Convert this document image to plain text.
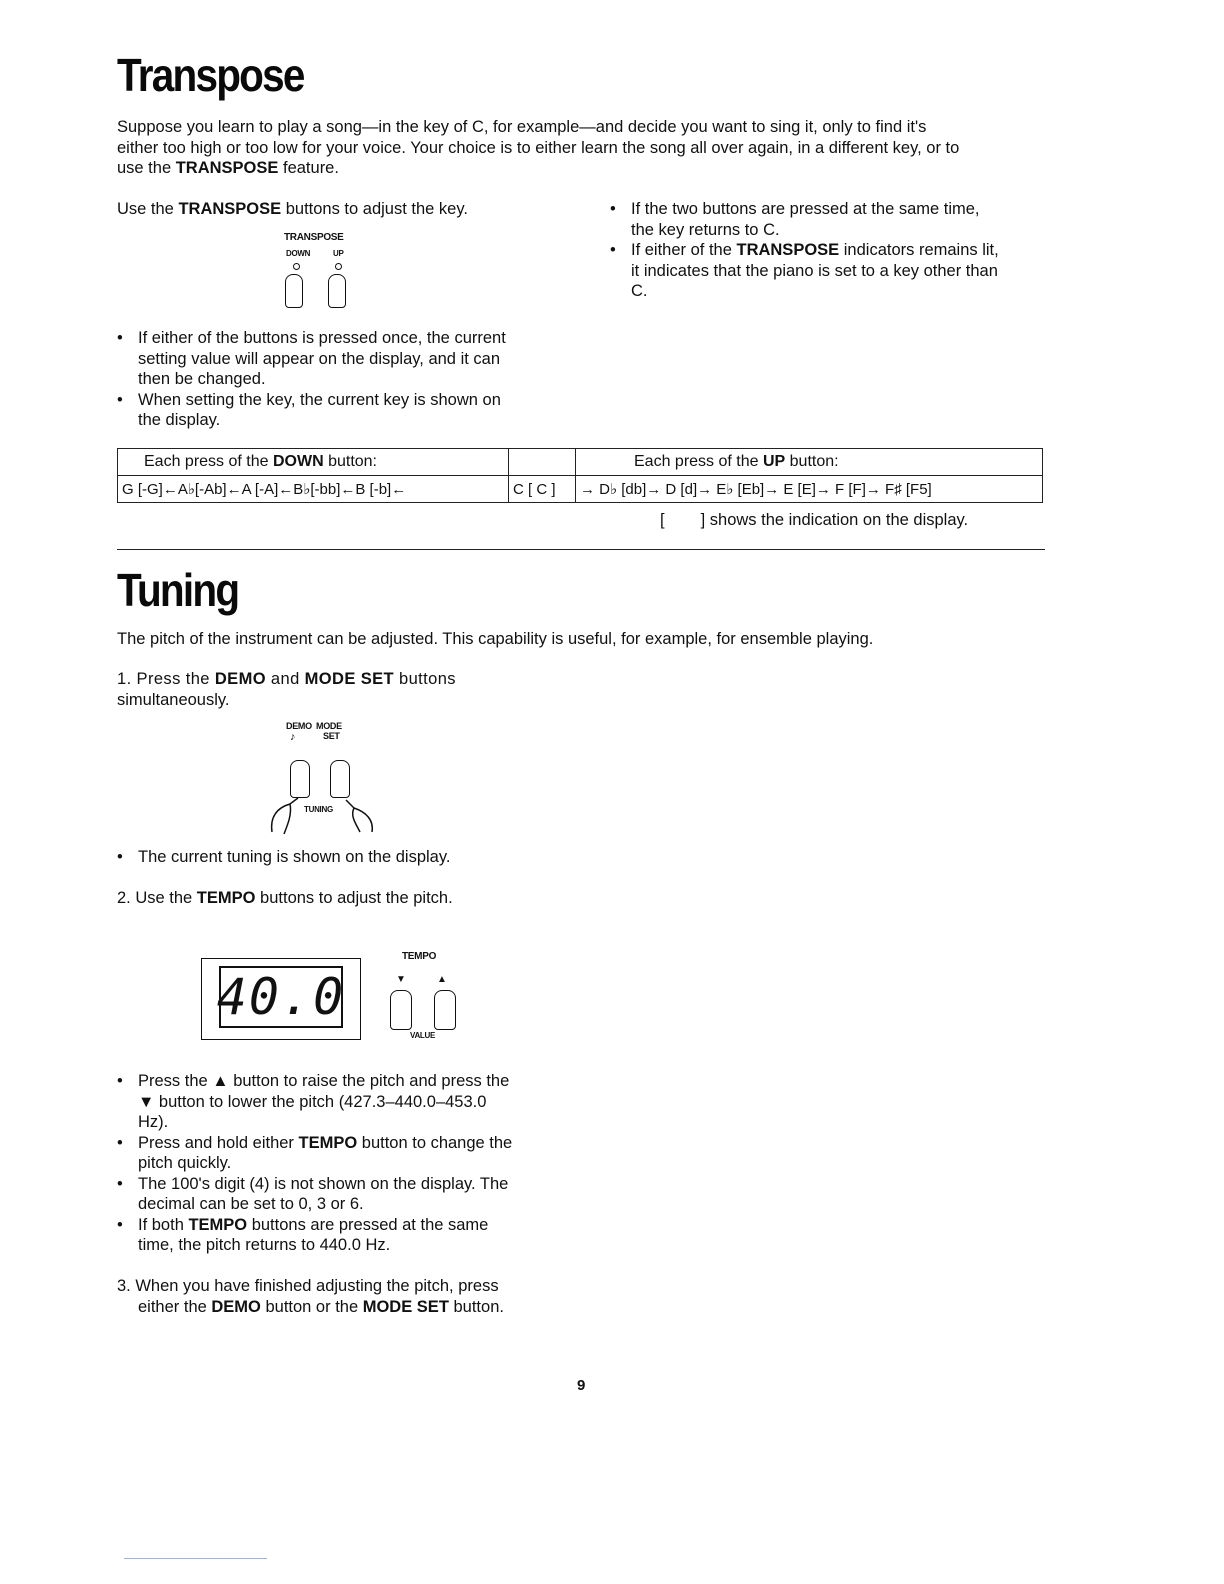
Transpose
Suppose you learn to play a song—in the key of C, for example—and decide you want to sing it, only to find it's
either too high or too low for your voice. Your choice is to either learn the song all over again, in a different key, or to
use the TRANSPOSE feature.
Use the TRANSPOSE buttons to adjust the key.
TRANSPOSE
DOWN	UP
• If either of the buttons is pressed once, the current
setting value will appear on the display, and it can
then be changed.
• When setting the key, the current key is shown on
the display.
• If the two buttons are pressed at the same time,
the key returns to C.
• If either of the TRANSPOSE indicators remains lit,
it indicates that the piano is set to a key other than
C.
Each press of the DOWN button:		Each press of the UP button:
G [-G]←A♭[-Ab]←A [-A]←B♭[-bb]←B [-b]←	C [ C ]	→ D♭ [db]→ D [d]→ E♭ [Eb]→ E [E]→ F [F]→ F♯ [F5]
[ ] shows the indication on the display.
Tuning
The pitch of the instrument can be adjusted. This capability is useful, for example, for ensemble playing.
1. Press the DEMO and MODE SET buttons
simultaneously.
DEMO MODE
SET
♪
TUNING
• The current tuning is shown on the display.
2. Use the TEMPO buttons to adjust the pitch.
40.0
TEMPO
▼	▲
VALUE
• Press the ▲ button to raise the pitch and press the
▼ button to lower the pitch (427.3–440.0–453.0
Hz).
• Press and hold either TEMPO button to change the
pitch quickly.
• The 100's digit (4) is not shown on the display. The
decimal can be set to 0, 3 or 6.
• If both TEMPO buttons are pressed at the same
time, the pitch returns to 440.0 Hz.
3. When you have finished adjusting the pitch, press
either the DEMO button or the MODE SET button.
9
